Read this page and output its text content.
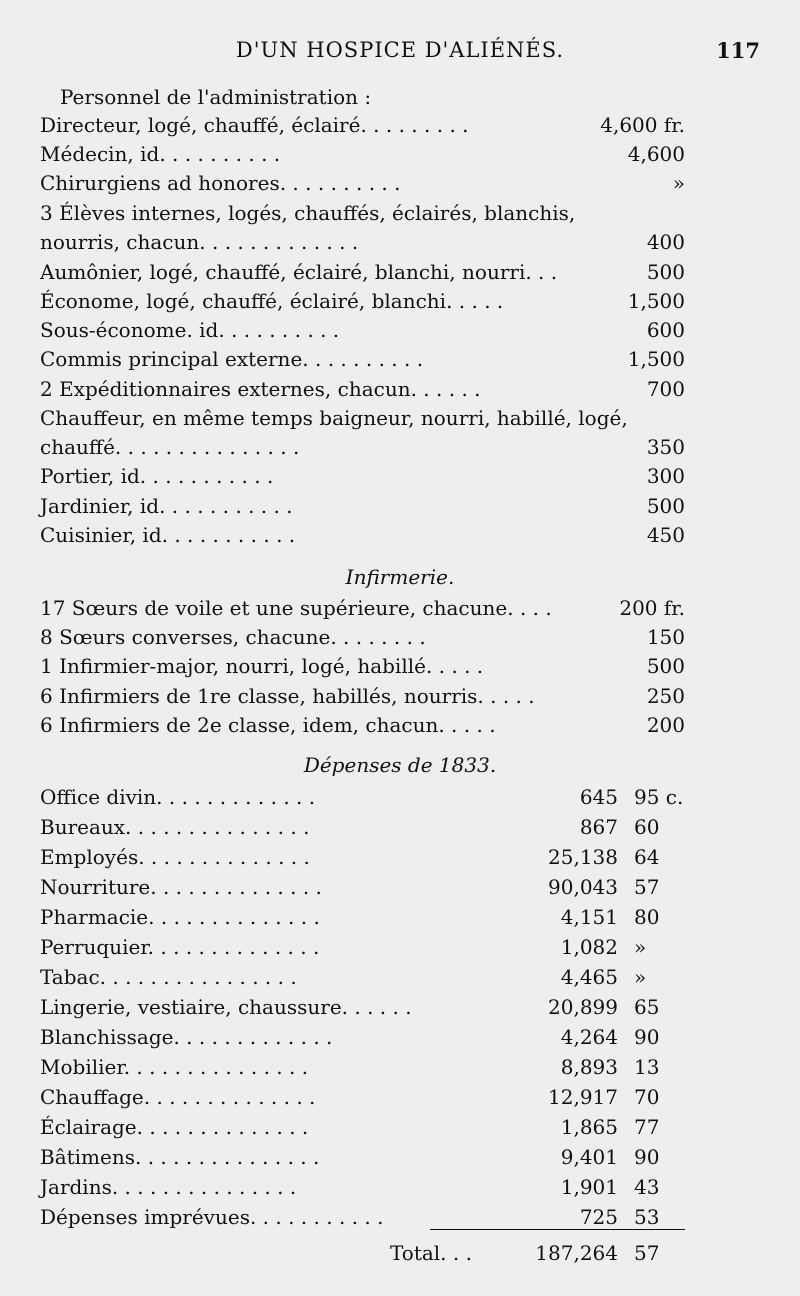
D'UN HOSPICE D'ALIÉNÉS.	117
Personnel de l'administration :
Directeur, logé, chauffé, éclairé. . . . . . . . .	4,600 fr.
Médecin, id. . . . . . . . . .	4,600
Chirurgiens ad honores. . . . . . . . . .	»
3 Élèves internes, logés, chauffés, éclairés, blanchis,
nourris, chacun. . . . . . . . . . . . .	400
Aumônier, logé, chauffé, éclairé, blanchi, nourri. . .	500
Économe, logé, chauffé, éclairé, blanchi. . . . .	1,500
Sous-économe. id. . . . . . . . . .	600
Commis principal externe. . . . . . . . . .	1,500
2 Expéditionnaires externes, chacun. . . . . .	700
Chauffeur, en même temps baigneur, nourri, habillé, logé,
chauffé. . . . . . . . . . . . . . .	350
Portier, id. . . . . . . . . . .	300
Jardinier, id. . . . . . . . . . .	500
Cuisinier, id. . . . . . . . . . .	450
Infirmerie.
17 Sœurs de voile et une supérieure, chacune. . . .	200 fr.
8 Sœurs converses, chacune. . . . . . . .	150
1 Infirmier-major, nourri, logé, habillé. . . . .	500
6 Infirmiers de 1re classe, habillés, nourris. . . . .	250
6 Infirmiers de 2e classe, idem, chacun. . . . .	200
Dépenses de 1833.
Office divin. . . . . . . . . . . . .	645 95 c.
Bureaux. . . . . . . . . . . . . . .	867 60
Employés. . . . . . . . . . . . . .	25,138 64
Nourriture. . . . . . . . . . . . . .	90,043 57
Pharmacie. . . . . . . . . . . . . .	4,151 80
Perruquier. . . . . . . . . . . . . .	1,082 »
Tabac. . . . . . . . . . . . . . . .	4,465 »
Lingerie, vestiaire, chaussure. . . . . .	20,899 65
Blanchissage. . . . . . . . . . . . .	4,264 90
Mobilier. . . . . . . . . . . . . . .	8,893 13
Chauffage. . . . . . . . . . . . . .	12,917 70
Éclairage. . . . . . . . . . . . . .	1,865 77
Bâtimens. . . . . . . . . . . . . . .	9,401 90
Jardins. . . . . . . . . . . . . . .	1,901 43
Dépenses imprévues. . . . . . . . . . .	725 53
Total. . .	187,264 57
